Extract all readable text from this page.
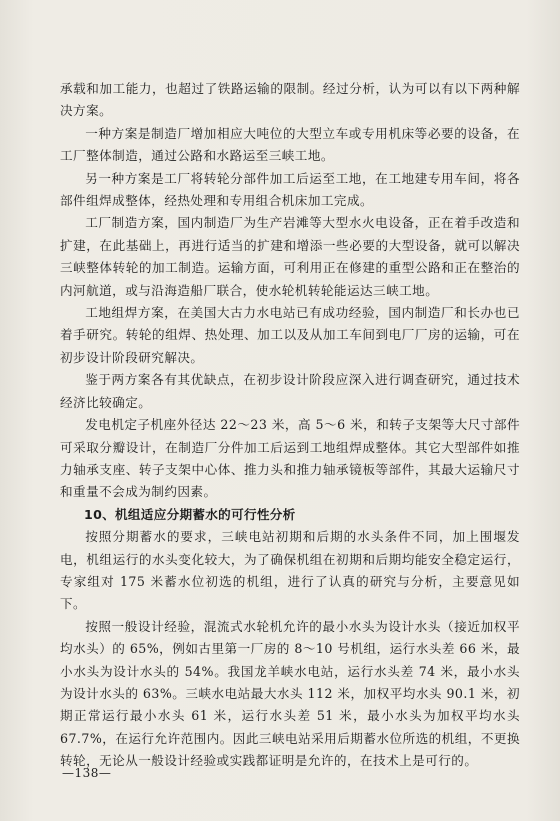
承载和加工能力，也超过了铁路运输的限制。经过分析，认为可以有以下两种解决方案。

一种方案是制造厂增加相应大吨位的大型立车或专用机床等必要的设备，在工厂整体制造，通过公路和水路运至三峡工地。

另一种方案是工厂将转轮分部件加工后运至工地，在工地建专用车间，将各部件组焊成整体，经热处理和专用组合机床加工完成。

工厂制造方案，国内制造厂为生产岩滩等大型水火电设备，正在着手改造和扩建，在此基础上，再进行适当的扩建和增添一些必要的大型设备，就可以解决三峡整体转轮的加工制造。运输方面，可利用正在修建的重型公路和正在整治的内河航道，或与沿海造船厂联合，使水轮机转轮能运达三峡工地。

工地组焊方案，在美国大古力水电站已有成功经验，国内制造厂和长办也已着手研究。转轮的组焊、热处理、加工以及从加工车间到电厂厂房的运输，可在初步设计阶段研究解决。

鉴于两方案各有其优缺点，在初步设计阶段应深入进行调查研究，通过技术经济比较确定。

发电机定子机座外径达 22～23 米，高 5～6 米，和转子支架等大尺寸部件可采取分瓣设计，在制造厂分件加工后运到工地组焊成整体。其它大型部件如推力轴承支座、转子支架中心体、推力头和推力轴承镜板等部件，其最大运输尺寸和重量不会成为制约因素。

10、机组适应分期蓄水的可行性分析

按照分期蓄水的要求，三峡电站初期和后期的水头条件不同，加上围堰发电，机组运行的水头变化较大，为了确保机组在初期和后期均能安全稳定运行，专家组对 175 米蓄水位初选的机组，进行了认真的研究与分析，主要意见如下。

按照一般设计经验，混流式水轮机允许的最小水头为设计水头（接近加权平均水头）的 65%，例如古里第一厂房的 8～10 号机组，运行水头差 66 米，最小水头为设计水头的 54%。我国龙羊峡水电站，运行水头差 74 米，最小水头为设计水头的 63%。三峡水电站最大水头 112 米，加权平均水头 90.1 米，初期正常运行最小水头 61 米，运行水头差 51 米，最小水头为加权平均水头 67.7%，在运行允许范围内。因此三峡电站采用后期蓄水位所选的机组，不更换转轮，无论从一般设计经验或实践都证明是允许的，在技术上是可行的。

—138—
